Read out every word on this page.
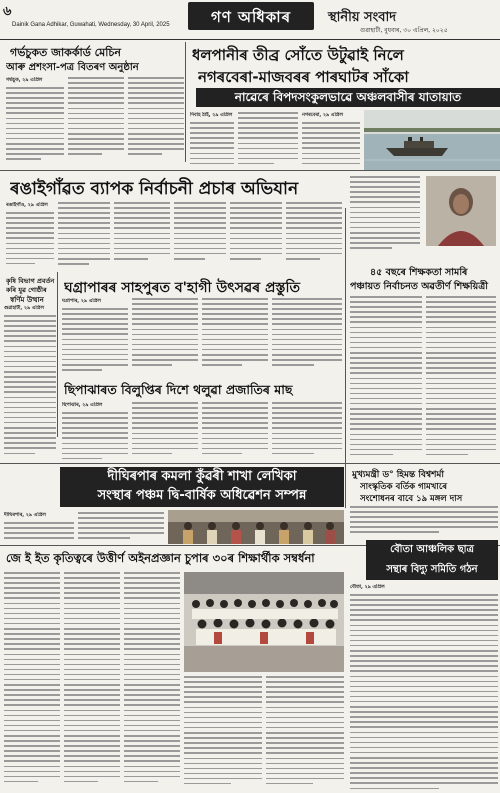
৬
Dainik Gana Adhikar, Guwahati, Wednesday, 30 April, 2025	গণ অধিকাৰ	স্থানীয় সংবাদ
গুৱাহাটী, বুধবাৰ, ৩০ এপ্ৰিল, ২০২৫
গৰ্ভচুকত জাকৰ্কাৰ্ড মেচিন
আৰু প্ৰশংসা-পত্ৰ বিতৰণ অনুষ্ঠান
গৰ্ভচুক, ২৯ এপ্ৰিল
ধলপানীৰ তীব্ৰ সোঁতে উটুৱাই নিলে
নগৰবেৰা-মাজবৰৰ পাৰঘাটৰ সাঁকো
নাৱেৰে বিপদসংকুলভাৱে অঞ্চলবাসীৰ যাতায়াত
দিবাহ ঠাই, ২৯ এপ্ৰিল	নগৰবেৰা, ২৯ এপ্ৰিল
ৰঙাইগাঁৱত ব্যাপক নিৰ্বাচনী প্ৰচাৰ অভিযান
ৰঙাইগাঁও, ২৯ এপ্ৰিল
৪৫ বছৰে শিক্ষকতা সামৰি
পঞ্চায়ত নিৰ্বাচনত অৱতীৰ্ণ শিক্ষয়িত্ৰী
কৃষি বিভাগ প্ৰবৰ্তন
কৰি যুৱ গোষ্ঠীৰ
স্বৰ্ণিম উত্থান
গুৱাহাটী, ২৯ এপ্ৰিল
ঘগ্ৰাপাৰৰ সাহপুৰত ব'হাগী উৎসৱৰ প্ৰস্তুতি
ঘগ্ৰাপাৰ, ২৯ এপ্ৰিল
ছিপাঝাৰত বিলুপ্তিৰ দিশে থলুৱা প্ৰজাতিৰ মাছ
ছিপাঝাৰ, ২৯ এপ্ৰিল
দীঘিৰপাৰ কমলা কুঁৱৰী শাখা লেখিকা
সংস্থাৰ পঞ্চম দ্বি-বাৰ্ষিক অধিৱেশন সম্পন্ন
দীঘিৰপাৰ, ২৯ এপ্ৰিল
মুখ্যমন্ত্ৰী ড° হিমন্ত বিশ্বশৰ্মা
সাংস্কৃতিক বৰ্তিক গামখাৰে
সংশোধনৰ বাবে ১৯ মঙ্গল দাস
বৌতা আঞ্চলিক ছাত্ৰ
সন্থাৰ বিদ্যু সমিতি গঠন
বৌতা, ২৯ এপ্ৰিল
জে ই ইত কৃতিত্বৰে উত্তীৰ্ণ অইনপ্ৰজ্ঞান চুপাৰ ৩০ৰ শিক্ষাৰ্থীক সম্বৰ্ধনা
